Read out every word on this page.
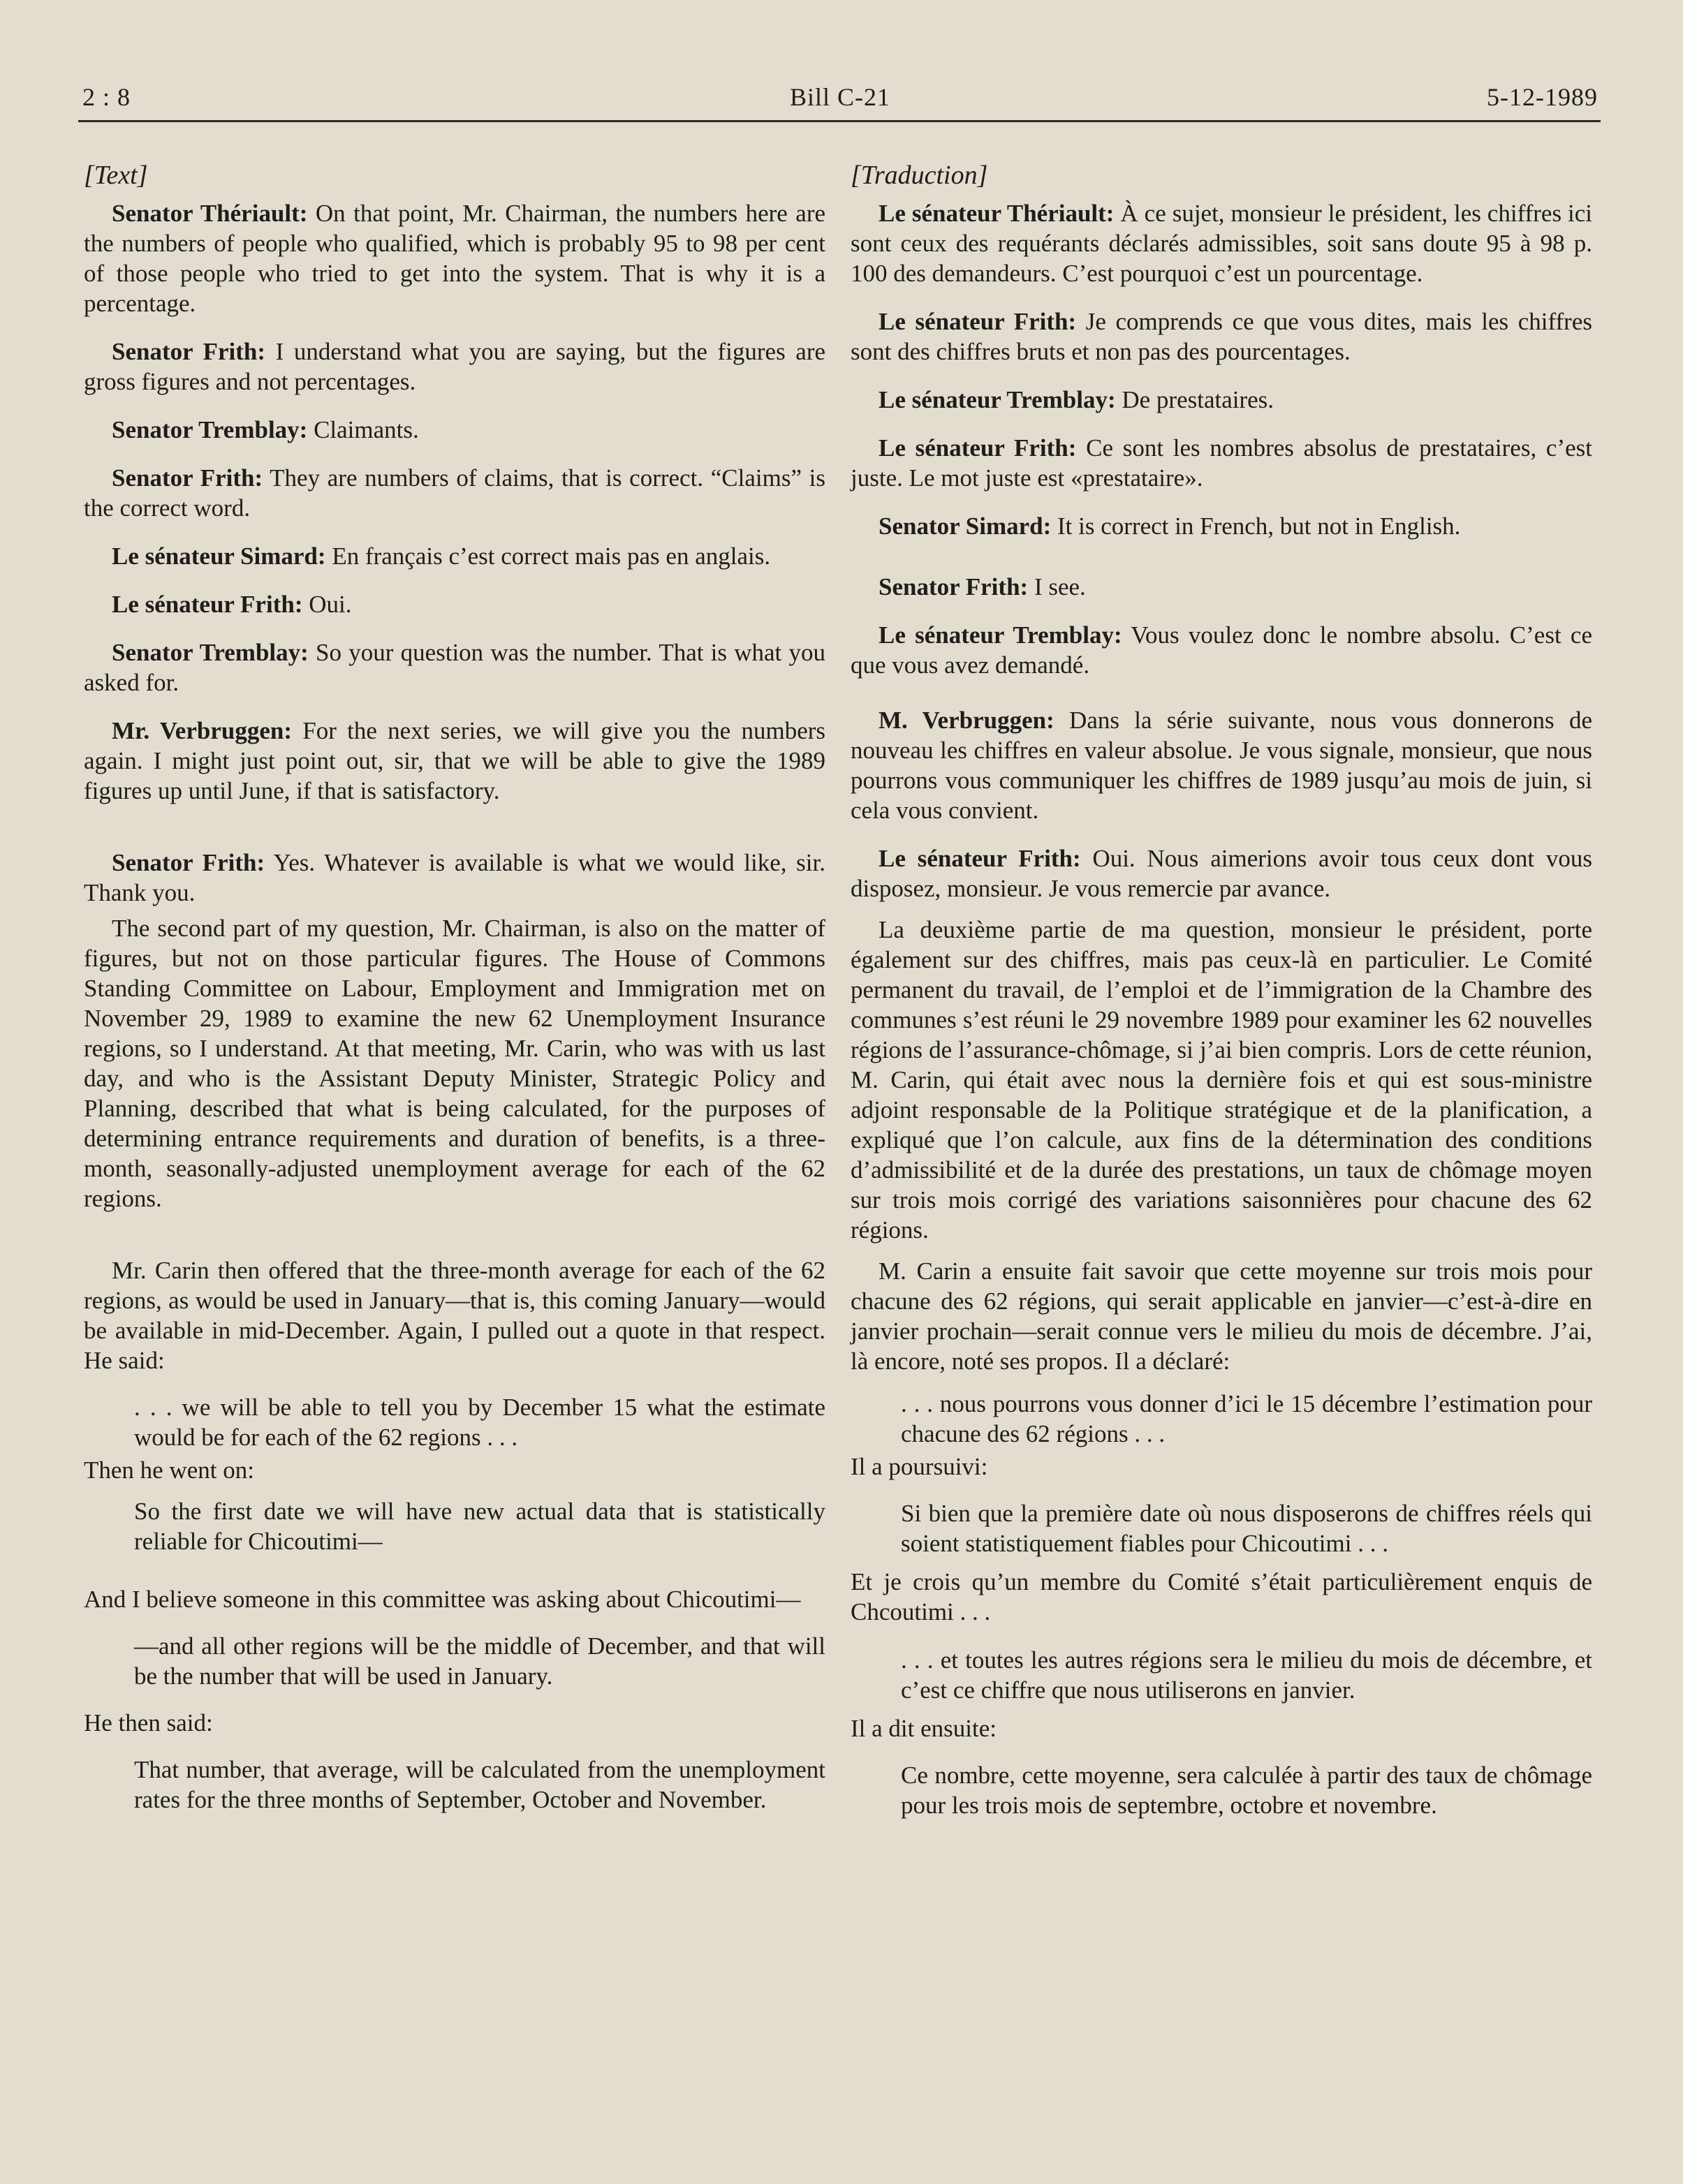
2 : 8	Bill C-21	5-12-1989
[Text]

Senator Thériault: On that point, Mr. Chairman, the numbers here are the numbers of people who qualified, which is probably 95 to 98 per cent of those people who tried to get into the system. That is why it is a percentage.

Senator Frith: I understand what you are saying, but the figures are gross figures and not percentages.

Senator Tremblay: Claimants.

Senator Frith: They are numbers of claims, that is correct. “Claims” is the correct word.

Le sénateur Simard: En français c’est correct mais pas en anglais.

Le sénateur Frith: Oui.

Senator Tremblay: So your question was the number. That is what you asked for.

Mr. Verbruggen: For the next series, we will give you the numbers again. I might just point out, sir, that we will be able to give the 1989 figures up until June, if that is satisfactory.

Senator Frith: Yes. Whatever is available is what we would like, sir. Thank you.

The second part of my question, Mr. Chairman, is also on the matter of figures, but not on those particular figures. The House of Commons Standing Committee on Labour, Employment and Immigration met on November 29, 1989 to examine the new 62 Unemployment Insurance regions, so I understand. At that meeting, Mr. Carin, who was with us last day, and who is the Assistant Deputy Minister, Strategic Policy and Planning, described that what is being calculated, for the purposes of determining entrance requirements and duration of benefits, is a three-month, seasonally-adjusted unemployment average for each of the 62 regions.

Mr. Carin then offered that the three-month average for each of the 62 regions, as would be used in January—that is, this coming January—would be available in mid-December. Again, I pulled out a quote in that respect. He said:

. . . we will be able to tell you by December 15 what the estimate would be for each of the 62 regions . . .

Then he went on:

So the first date we will have new actual data that is statistically reliable for Chicoutimi—

And I believe someone in this committee was asking about Chicoutimi—

—and all other regions will be the middle of December, and that will be the number that will be used in January.

He then said:

That number, that average, will be calculated from the unemployment rates for the three months of September, October and November.

[Traduction]

Le sénateur Thériault: À ce sujet, monsieur le président, les chiffres ici sont ceux des requérants déclarés admissibles, soit sans doute 95 à 98 p. 100 des demandeurs. C’est pourquoi c’est un pourcentage.

Le sénateur Frith: Je comprends ce que vous dites, mais les chiffres sont des chiffres bruts et non pas des pourcentages.

Le sénateur Tremblay: De prestataires.

Le sénateur Frith: Ce sont les nombres absolus de prestataires, c’est juste. Le mot juste est «prestataire».

Senator Simard: It is correct in French, but not in English.

Senator Frith: I see.

Le sénateur Tremblay: Vous voulez donc le nombre absolu. C’est ce que vous avez demandé.

M. Verbruggen: Dans la série suivante, nous vous donnerons de nouveau les chiffres en valeur absolue. Je vous signale, monsieur, que nous pourrons vous communiquer les chiffres de 1989 jusqu’au mois de juin, si cela vous convient.

Le sénateur Frith: Oui. Nous aimerions avoir tous ceux dont vous disposez, monsieur. Je vous remercie par avance.

La deuxième partie de ma question, monsieur le président, porte également sur des chiffres, mais pas ceux-là en particulier. Le Comité permanent du travail, de l’emploi et de l’immigration de la Chambre des communes s’est réuni le 29 novembre 1989 pour examiner les 62 nouvelles régions de l’assurance-chômage, si j’ai bien compris. Lors de cette réunion, M. Carin, qui était avec nous la dernière fois et qui est sous-ministre adjoint responsable de la Politique stratégique et de la planification, a expliqué que l’on calcule, aux fins de la détermination des conditions d’admissibilité et de la durée des prestations, un taux de chômage moyen sur trois mois corrigé des variations saisonnières pour chacune des 62 régions.

M. Carin a ensuite fait savoir que cette moyenne sur trois mois pour chacune des 62 régions, qui serait applicable en janvier—c’est-à-dire en janvier prochain—serait connue vers le milieu du mois de décembre. J’ai, là encore, noté ses propos. Il a déclaré:

. . . nous pourrons vous donner d’ici le 15 décembre l’estimation pour chacune des 62 régions . . .

Il a poursuivi:

Si bien que la première date où nous disposerons de chiffres réels qui soient statistiquement fiables pour Chicoutimi . . .

Et je crois qu’un membre du Comité s’était particulièrement enquis de Chcoutimi . . .

. . . et toutes les autres régions sera le milieu du mois de décembre, et c’est ce chiffre que nous utiliserons en janvier.

Il a dit ensuite:

Ce nombre, cette moyenne, sera calculée à partir des taux de chômage pour les trois mois de septembre, octobre et novembre.
